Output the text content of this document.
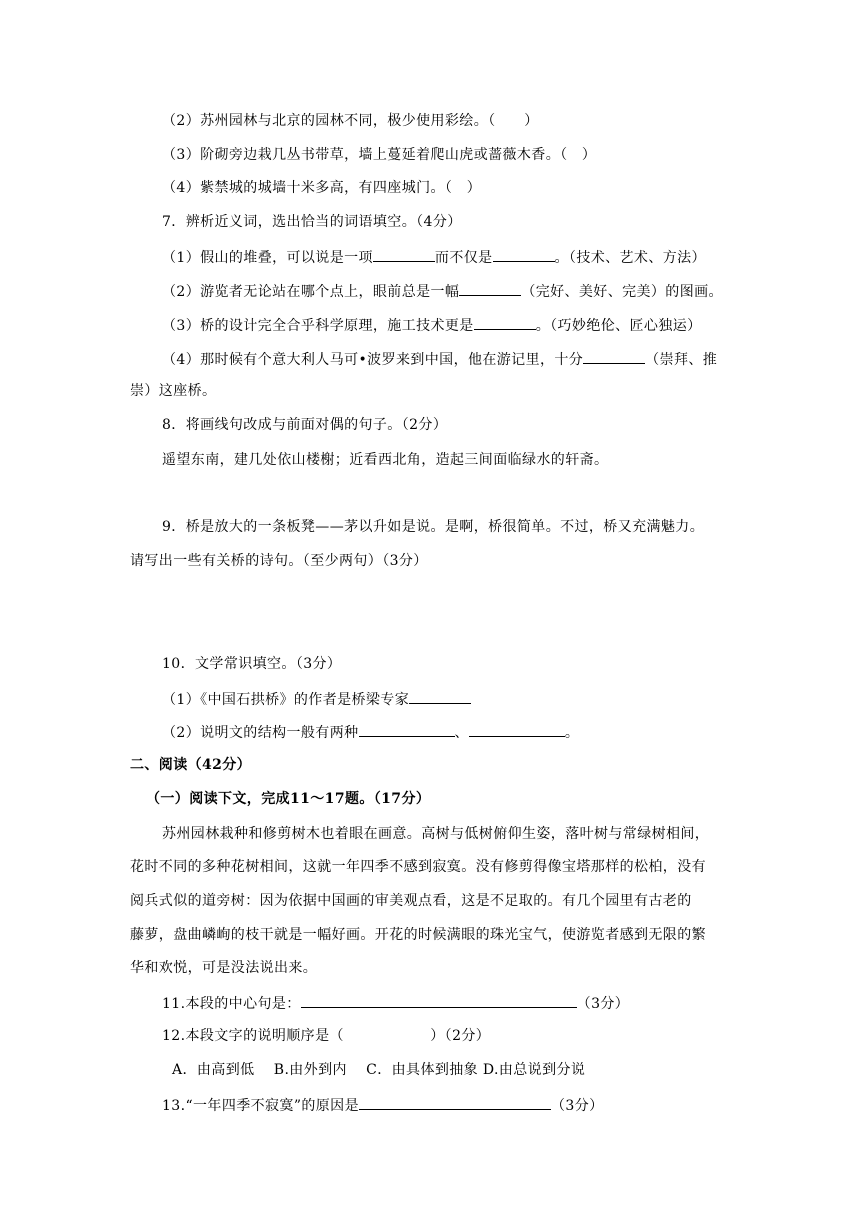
（2）苏州园林与北京的园林不同，极少使用彩绘。（　　）
（3）阶砌旁边栽几丛书带草，墙上蔓延着爬山虎或蔷薇木香。（　）
（4）紫禁城的城墙十米多高，有四座城门。（　）
7．辨析近义词，选出恰当的词语填空。（4分）
（1）假山的堆叠，可以说是一项	而不仅是	。（技术、艺术、方法）
（2）游览者无论站在哪个点上，眼前总是一幅	（完好、美好、完美）的图画。
（3）桥的设计完全合乎科学原理，施工技术更是	。（巧妙绝伦、匠心独运）
（4）那时候有个意大利人马可•波罗来到中国，他在游记里，十分	（崇拜、推
崇）这座桥。
8．将画线句改成与前面对偶的句子。（2分）
遥望东南，建几处依山楼榭；近看西北角，造起三间面临绿水的轩斋。
9．桥是放大的一条板凳——茅以升如是说。是啊，桥很简单。不过，桥又充满魅力。
请写出一些有关桥的诗句。（至少两句）（3分）
10．文学常识填空。（3分）
（1）《中国石拱桥》的作者是桥梁专家
（2）说明文的结构一般有两种	、	。
二、阅读（42分）
（一）阅读下文，完成11～17题。（17分）
苏州园林栽种和修剪树木也着眼在画意。高树与低树俯仰生姿，落叶树与常绿树相间，
花时不同的多种花树相间，这就一年四季不感到寂寞。没有修剪得像宝塔那样的松柏，没有
阅兵式似的道旁树：因为依据中国画的审美观点看，这是不足取的。有几个园里有古老的
藤萝，盘曲嶙峋的枝干就是一幅好画。开花的时候满眼的珠光宝气，使游览者感到无限的繁
华和欢悦，可是没法说出来。
11.本段的中心句是：	（3分）
12.本段文字的说明顺序是（　　　　　　）（2分）
A．由高到低　 B.由外到内　 C．由具体到抽象 D.由总说到分说
13.“一年四季不寂寞”的原因是	（3分）
